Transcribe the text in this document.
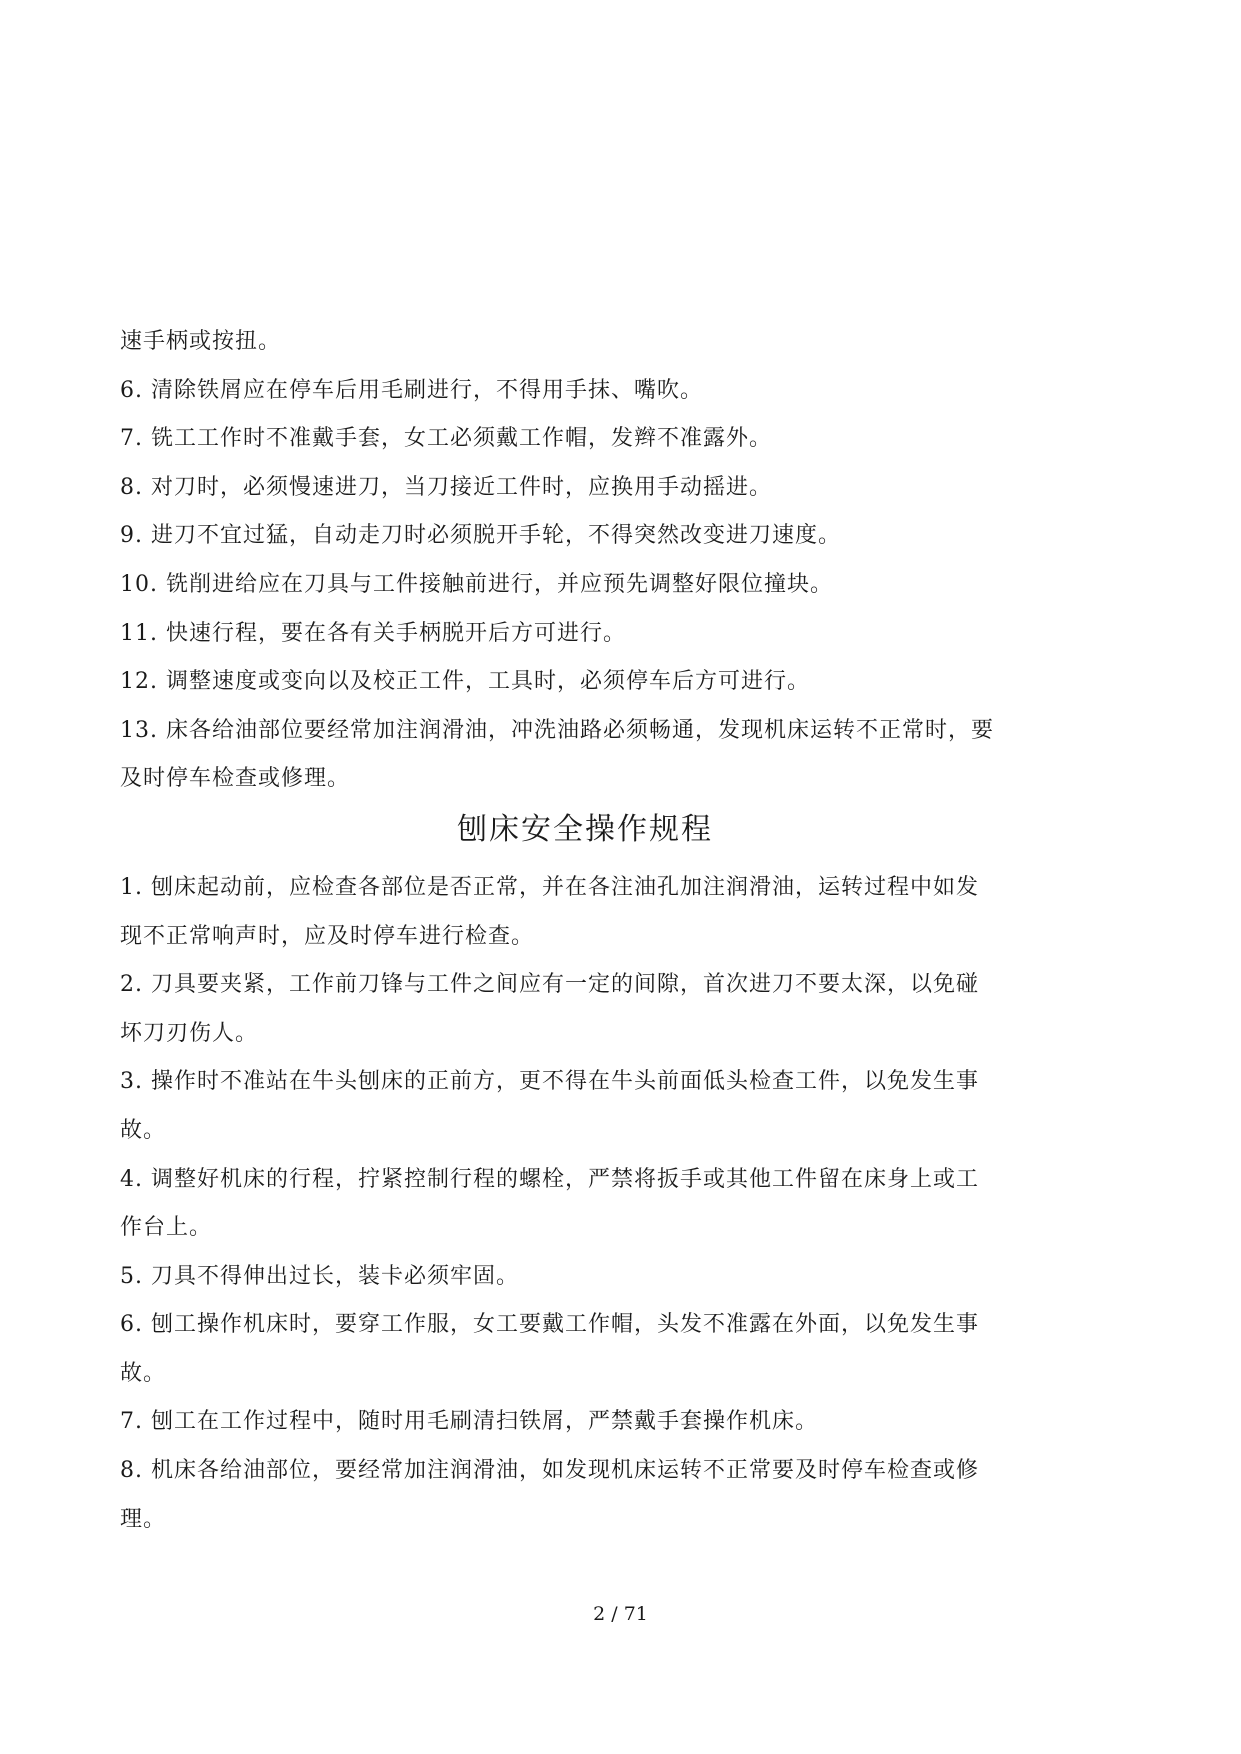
速手柄或按扭。
6. 清除铁屑应在停车后用毛刷进行，不得用手抹、嘴吹。
7. 铣工工作时不准戴手套，女工必须戴工作帽，发辫不准露外。
8. 对刀时，必须慢速进刀，当刀接近工件时，应换用手动摇进。
9. 进刀不宜过猛，自动走刀时必须脱开手轮，不得突然改变进刀速度。
10. 铣削进给应在刀具与工件接触前进行，并应预先调整好限位撞块。
11. 快速行程，要在各有关手柄脱开后方可进行。
12. 调整速度或变向以及校正工件，工具时，必须停车后方可进行。
13. 床各给油部位要经常加注润滑油，冲洗油路必须畅通，发现机床运转不正常时，要
及时停车检查或修理。
刨床安全操作规程
1. 刨床起动前，应检查各部位是否正常，并在各注油孔加注润滑油，运转过程中如发
现不正常响声时，应及时停车进行检查。
2. 刀具要夹紧，工作前刀锋与工件之间应有一定的间隙，首次进刀不要太深，以免碰
坏刀刃伤人。
3. 操作时不准站在牛头刨床的正前方，更不得在牛头前面低头检查工件，以免发生事
故。
4. 调整好机床的行程，拧紧控制行程的螺栓，严禁将扳手或其他工件留在床身上或工
作台上。
5. 刀具不得伸出过长，装卡必须牢固。
6. 刨工操作机床时，要穿工作服，女工要戴工作帽，头发不准露在外面，以免发生事
故。
7. 刨工在工作过程中，随时用毛刷清扫铁屑，严禁戴手套操作机床。
8. 机床各给油部位，要经常加注润滑油，如发现机床运转不正常要及时停车检查或修
理。
2 / 71
